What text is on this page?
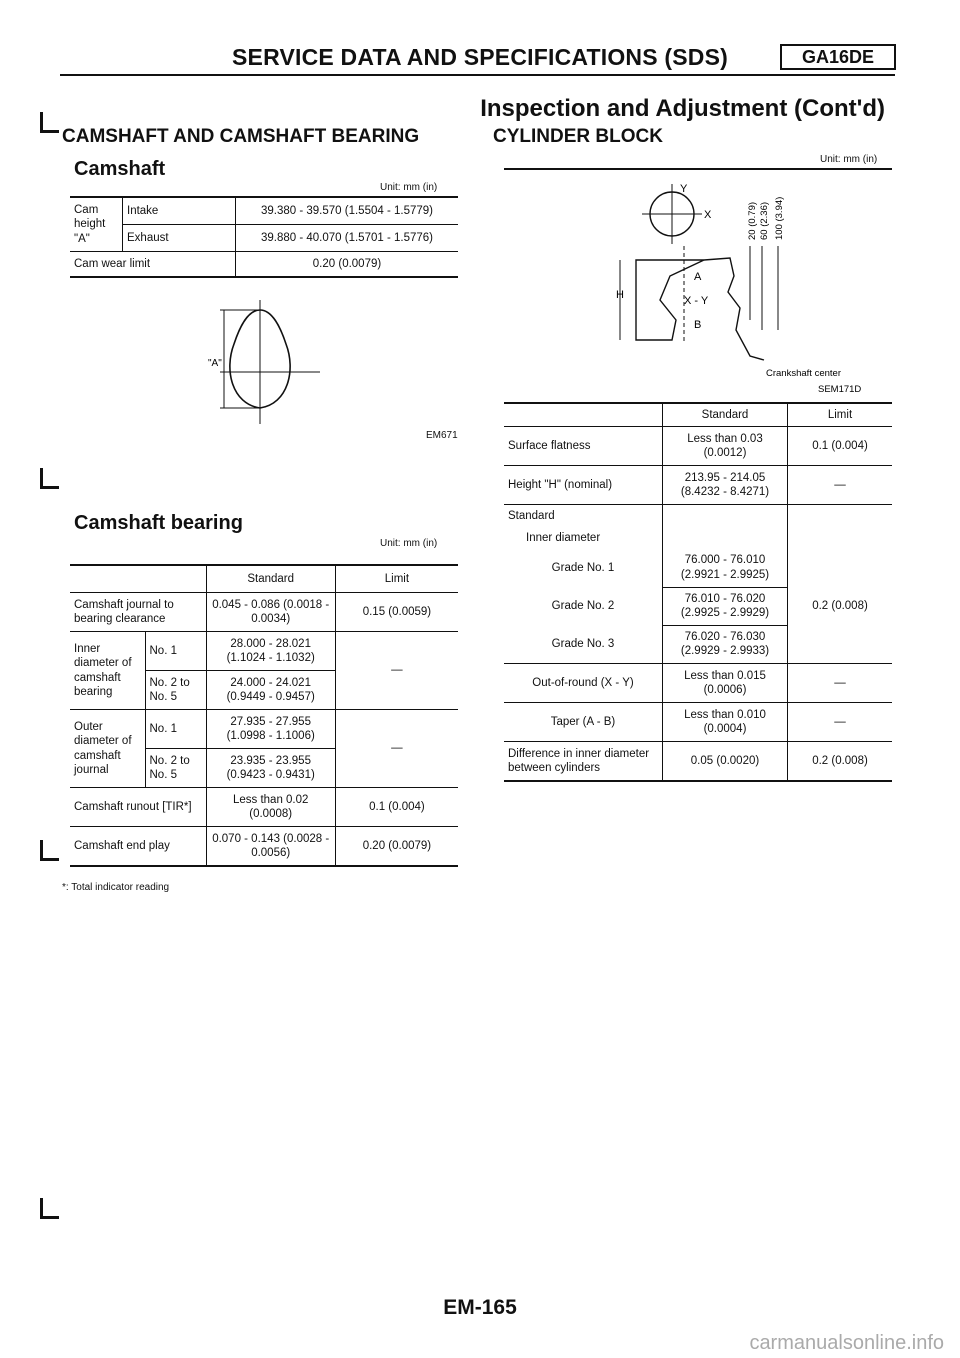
SERVICE DATA AND SPECIFICATIONS (SDS)	GA16DE
Inspection and Adjustment (Cont'd)
CAMSHAFT AND CAMSHAFT BEARING
Camshaft
Unit: mm (in)
Cam height "A"	Intake	39.380 - 39.570 (1.5504 - 1.5779)
	Exhaust	39.880 - 40.070 (1.5701 - 1.5776)
Cam wear limit		0.20 (0.0079)
"A"
EM671
Camshaft bearing
Unit: mm (in)
		Standard	Limit
Camshaft journal to bearing clearance		0.045 - 0.086 (0.0018 - 0.0034)	0.15 (0.0059)
Inner diameter of camshaft bearing	No. 1	28.000 - 28.021 (1.1024 - 1.1032)	—
	No. 2 to No. 5	24.000 - 24.021 (0.9449 - 0.9457)	
Outer diameter of camshaft journal	No. 1	27.935 - 27.955 (1.0998 - 1.1006)	—
	No. 2 to No. 5	23.935 - 23.955 (0.9423 - 0.9431)	
Camshaft runout [TIR*]		Less than 0.02 (0.0008)	0.1 (0.004)
Camshaft end play		0.070 - 0.143 (0.0028 - 0.0056)	0.20 (0.0079)
*: Total indicator reading
CYLINDER BLOCK
Unit: mm (in)
Y
X	20 (0.79) 60 (2.36) 100 (3.94)
H
A
X - Y
B
Crankshaft center
SEM171D
	Standard	Limit
Surface flatness	Less than 0.03 (0.0012)	0.1 (0.004)
Height "H" (nominal)	213.95 - 214.05 (8.4232 - 8.4271)	—
Standard		
Inner diameter		
Grade No. 1	76.000 - 76.010 (2.9921 - 2.9925)	0.2 (0.008)
Grade No. 2	76.010 - 76.020 (2.9925 - 2.9929)	
Grade No. 3	76.020 - 76.030 (2.9929 - 2.9933)	
Out-of-round (X - Y)	Less than 0.015 (0.0006)	—
Taper (A - B)	Less than 0.010 (0.0004)	—
Difference in inner diameter between cylinders	0.05 (0.0020)	0.2 (0.008)
EM-165
carmanualsonline.info
